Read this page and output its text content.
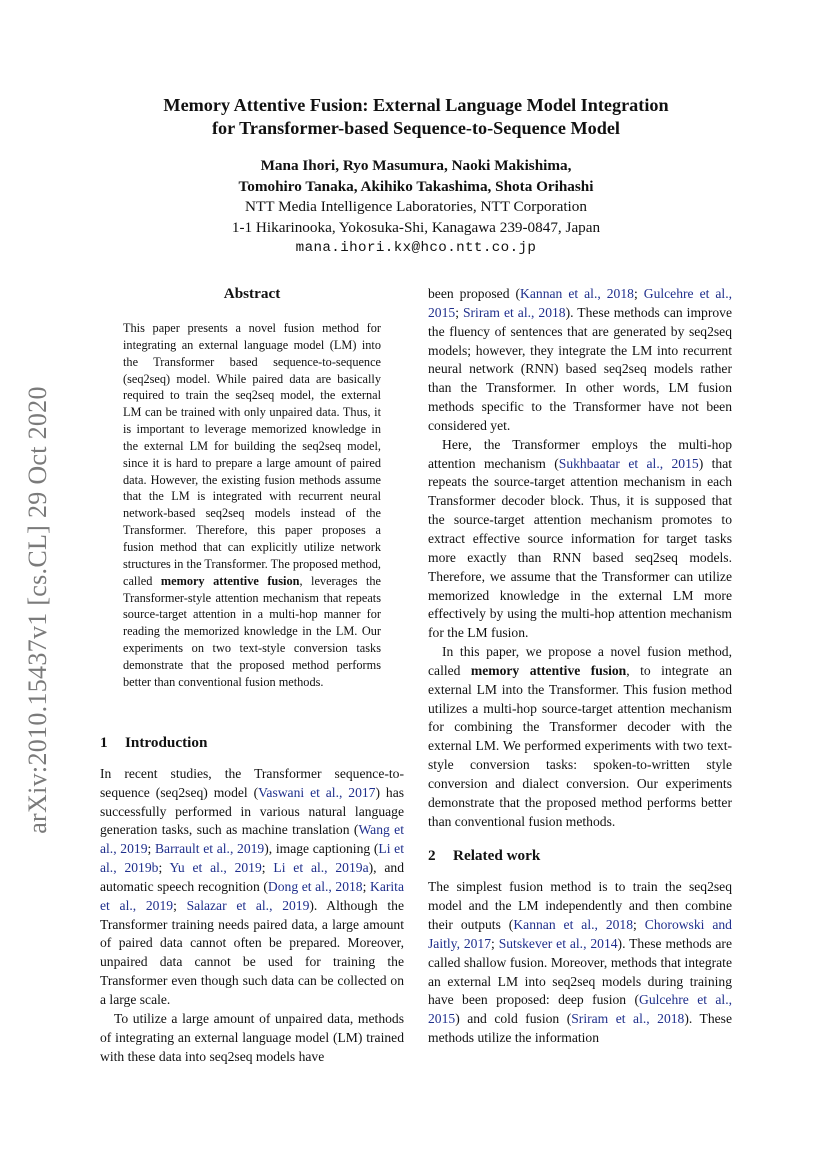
arXiv:2010.15437v1 [cs.CL] 29 Oct 2020
Memory Attentive Fusion: External Language Model Integration
for Transformer-based Sequence-to-Sequence Model
Mana Ihori, Ryo Masumura, Naoki Makishima,
Tomohiro Tanaka, Akihiko Takashima, Shota Orihashi
NTT Media Intelligence Laboratories, NTT Corporation
1-1 Hikarinooka, Yokosuka-Shi, Kanagawa 239-0847, Japan
mana.ihori.kx@hco.ntt.co.jp
Abstract
This paper presents a novel fusion method for integrating an external language model (LM) into the Transformer based sequence-to-sequence (seq2seq) model. While paired data are basically required to train the seq2seq model, the external LM can be trained with only unpaired data. Thus, it is important to leverage memorized knowledge in the external LM for building the seq2seq model, since it is hard to prepare a large amount of paired data. However, the existing fusion methods assume that the LM is integrated with recurrent neural network-based seq2seq models instead of the Transformer. Therefore, this paper proposes a fusion method that can explicitly utilize network structures in the Transformer. The proposed method, called memory attentive fusion, leverages the Transformer-style attention mechanism that repeats source-target attention in a multi-hop manner for reading the memorized knowledge in the LM. Our experiments on two text-style conversion tasks demonstrate that the proposed method performs better than conventional fusion methods.
1 Introduction

In recent studies, the Transformer sequence-to-sequence (seq2seq) model (Vaswani et al., 2017) has successfully performed in various natural language generation tasks, such as machine translation (Wang et al., 2019; Barrault et al., 2019), image captioning (Li et al., 2019b; Yu et al., 2019; Li et al., 2019a), and automatic speech recognition (Dong et al., 2018; Karita et al., 2019; Salazar et al., 2019). Although the Transformer training needs paired data, a large amount of paired data cannot often be prepared. Moreover, unpaired data cannot be used for training the Transformer even though such data can be collected on a large scale.

To utilize a large amount of unpaired data, methods of integrating an external language model (LM) trained with these data into seq2seq models have

been proposed (Kannan et al., 2018; Gulcehre et al., 2015; Sriram et al., 2018). These methods can improve the fluency of sentences that are generated by seq2seq models; however, they integrate the LM into recurrent neural network (RNN) based seq2seq models rather than the Transformer. In other words, LM fusion methods specific to the Transformer have not been considered yet.

Here, the Transformer employs the multi-hop attention mechanism (Sukhbaatar et al., 2015) that repeats the source-target attention mechanism in each Transformer decoder block. Thus, it is supposed that the source-target attention mechanism promotes to extract effective source information for target tasks more exactly than RNN based seq2seq models. Therefore, we assume that the Transformer can utilize memorized knowledge in the external LM more effectively by using the multi-hop attention mechanism for the LM fusion.

In this paper, we propose a novel fusion method, called memory attentive fusion, to integrate an external LM into the Transformer. This fusion method utilizes a multi-hop source-target attention mechanism for combining the Transformer decoder with the external LM. We performed experiments with two text-style conversion tasks: spoken-to-written style conversion and dialect conversion. Our experiments demonstrate that the proposed method performs better than conventional fusion methods.

2 Related work

The simplest fusion method is to train the seq2seq model and the LM independently and then combine their outputs (Kannan et al., 2018; Chorowski and Jaitly, 2017; Sutskever et al., 2014). These methods are called shallow fusion. Moreover, methods that integrate an external LM into seq2seq models during training have been proposed: deep fusion (Gulcehre et al., 2015) and cold fusion (Sriram et al., 2018). These methods utilize the information
